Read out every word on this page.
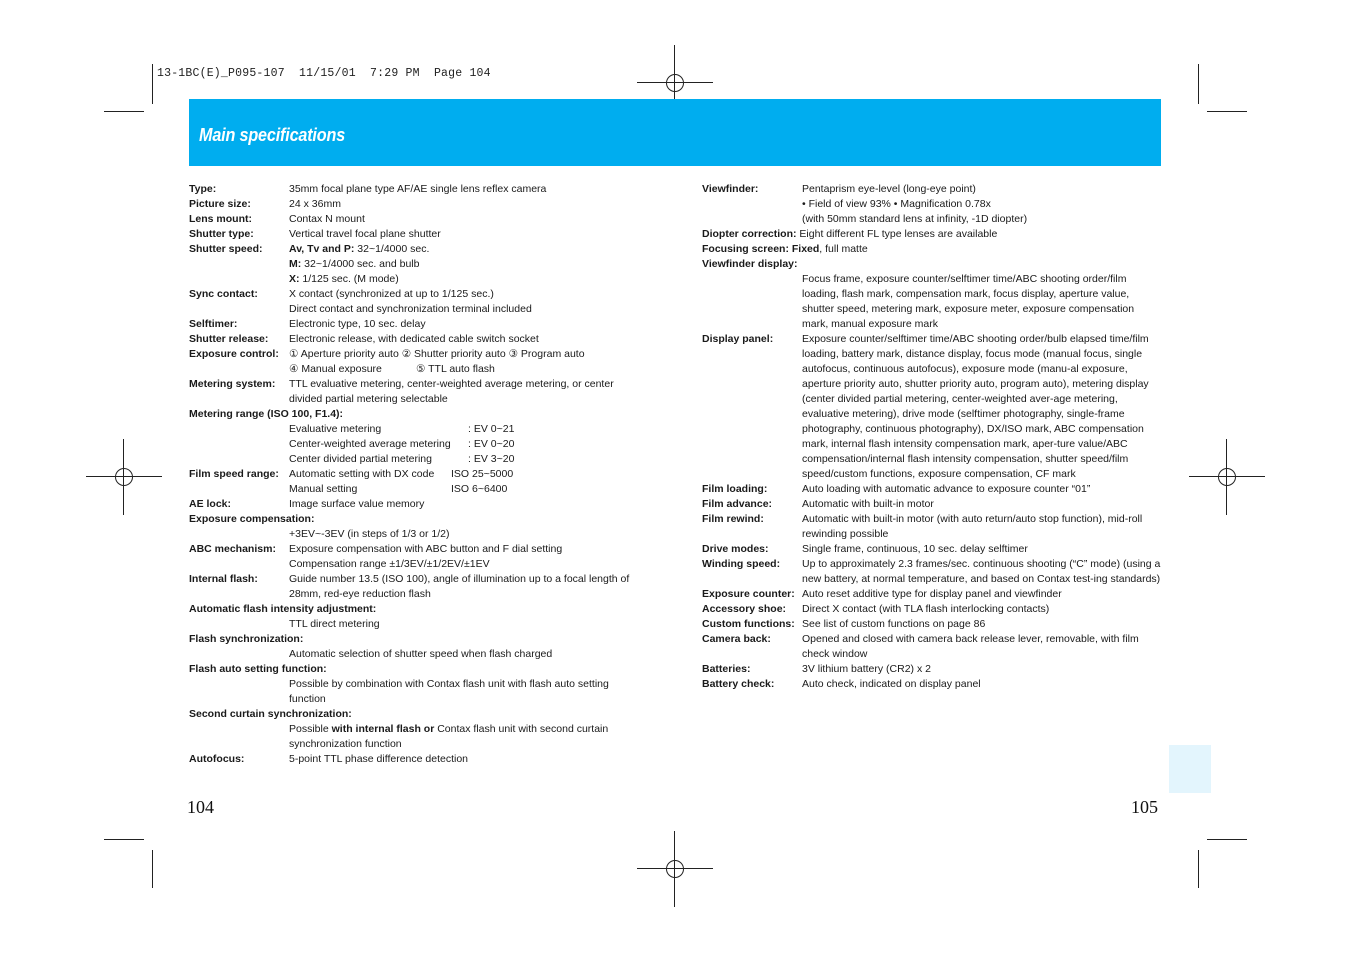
13-1BC(E)_P095-107  11/15/01  7:29 PM  Page 104
Main specifications
Type:	35mm focal plane type AF/AE single lens reflex camera
Picture size:	24 x 36mm
Lens mount:	Contax N mount
Shutter type:	Vertical travel focal plane shutter
Shutter speed:	Av, Tv and P: 32~1/4000 sec.
M: 32~1/4000 sec. and bulb
X: 1/125 sec. (M mode)
Sync contact:	X contact (synchronized at up to 1/125 sec.)
Direct contact and synchronization terminal included
Selftimer:	Electronic type, 10 sec. delay
Shutter release:	Electronic release, with dedicated cable switch socket
Exposure control: ① Aperture priority auto ② Shutter priority auto ③ Program auto
④ Manual exposure	⑤ TTL auto flash
Metering system:	TTL evaluative metering, center-weighted average metering, or center divided partial metering selectable
Metering range (ISO 100, F1.4):
Evaluative metering	: EV 0~21
Center-weighted average metering : EV 0~20
Center divided partial metering	: EV 3~20
Film speed range: Automatic setting with DX code ISO 25~5000
Manual setting	ISO 6~6400
AE lock:	Image surface value memory
Exposure compensation:
+3EV~-3EV (in steps of 1/3 or 1/2)
ABC mechanism:	Exposure compensation with ABC button and F dial setting
Compensation range ±1/3EV/±1/2EV/±1EV
Internal flash:	Guide number 13.5 (ISO 100), angle of illumination up to a focal length of 28mm, red-eye reduction flash
Automatic flash intensity adjustment:
TTL direct metering
Flash synchronization:
Automatic selection of shutter speed when flash charged
Flash auto setting function:
Possible by combination with Contax flash unit with flash auto setting function
Second curtain synchronization:
Possible with internal flash or Contax flash unit with second curtain synchronization function
Autofocus:	5-point TTL phase difference detection
Viewfinder:	Pentaprism eye-level (long-eye point)
• Field of view 93% • Magnification 0.78x
(with 50mm standard lens at infinity, -1D diopter)
Diopter correction: Eight different FL type lenses are available
Focusing screen: Fixed, full matte
Viewfinder display:
Focus frame, exposure counter/selftimer time/ABC shooting order/film loading, flash mark, compensation mark, focus display, aperture value, shutter speed, metering mark, exposure meter, exposure compensation mark, manual exposure mark
Display panel:	Exposure counter/selftimer time/ABC shooting order/bulb elapsed time/film loading, battery mark, distance display, focus mode (manual focus, single autofocus, continuous autofocus), exposure mode (manu-al exposure, aperture priority auto, shutter priority auto, program auto), metering display (center divided partial metering, center-weighted aver-age metering, evaluative metering), drive mode (selftimer photography, single-frame photography, continuous photography), DX/ISO mark, ABC compensation mark, internal flash intensity compensation mark, aper-ture value/ABC compensation/internal flash intensity compensation, shutter speed/film speed/custom functions, exposure compensation, CF mark
Film loading:	Auto loading with automatic advance to exposure counter “01”
Film advance:	Automatic with built-in motor
Film rewind:	Automatic with built-in motor (with auto return/auto stop function), mid-roll rewinding possible
Drive modes:	Single frame, continuous, 10 sec. delay selftimer
Winding speed:	Up to approximately 2.3 frames/sec. continuous shooting (“C” mode) (using a new battery, at normal temperature, and based on Contax test-ing standards)
Exposure counter: Auto reset additive type for display panel and viewfinder
Accessory shoe:	Direct X contact (with TLA flash interlocking contacts)
Custom functions: See list of custom functions on page 86
Camera back:	Opened and closed with camera back release lever, removable, with film check window
Batteries:	3V lithium battery (CR2) x 2
Battery check:	Auto check, indicated on display panel
104	105
